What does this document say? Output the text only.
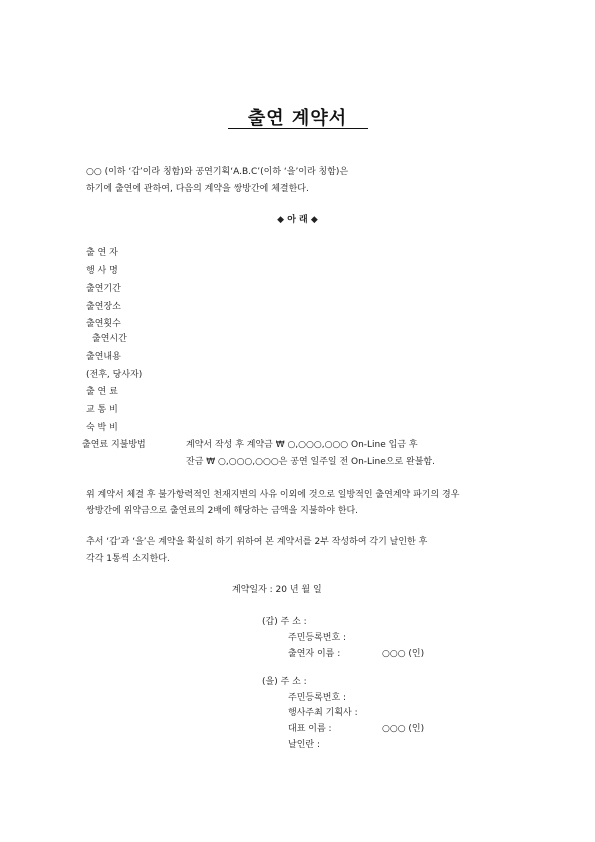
출연 계약서
○○ (이하 ‘갑’이라 칭함)와 공연기획‘A.B.C’(이하 ‘을’이라 칭함)은
하기에 출연에 관하여, 다음의 계약을 쌍방간에 체결한다.
◆ 아 래 ◆
출 연 자
행 사 명
출연기간
출연장소
출연횟수
출연시간
출연내용
(전후, 당사자)
출 연 료
교 통 비
숙 박 비
출연료 지불방법	계약서 작성 후 계약금 ₩ ○,○○○,○○○ On-Line 입금 후
잔금 ₩ ○,○○○,○○○은 공연 일주일 전 On-Line으로 완불함.
위 계약서 체결 후 불가항력적인 천재지변의 사유 이외에 것으로 일방적인 출연계약 파기의 경우
쌍방간에 위약금으로 출연료의 2배에 해당하는 금액을 지불하야 한다.
추서 ‘갑’과 ‘을’은 계약을 확실히 하기 위하여 본 계약서를 2부 작성하여 각기 날인한 후
각각 1통씩 소지한다.
계약일자 : 20 년 월 일
(갑) 주 소 :
주민등록번호 :
출연자 이름 :	○○○ (인)
(을) 주 소 :
주민등록번호 :
행사주최 기획사 :
대표 이름 :	○○○ (인)
날인란 :
